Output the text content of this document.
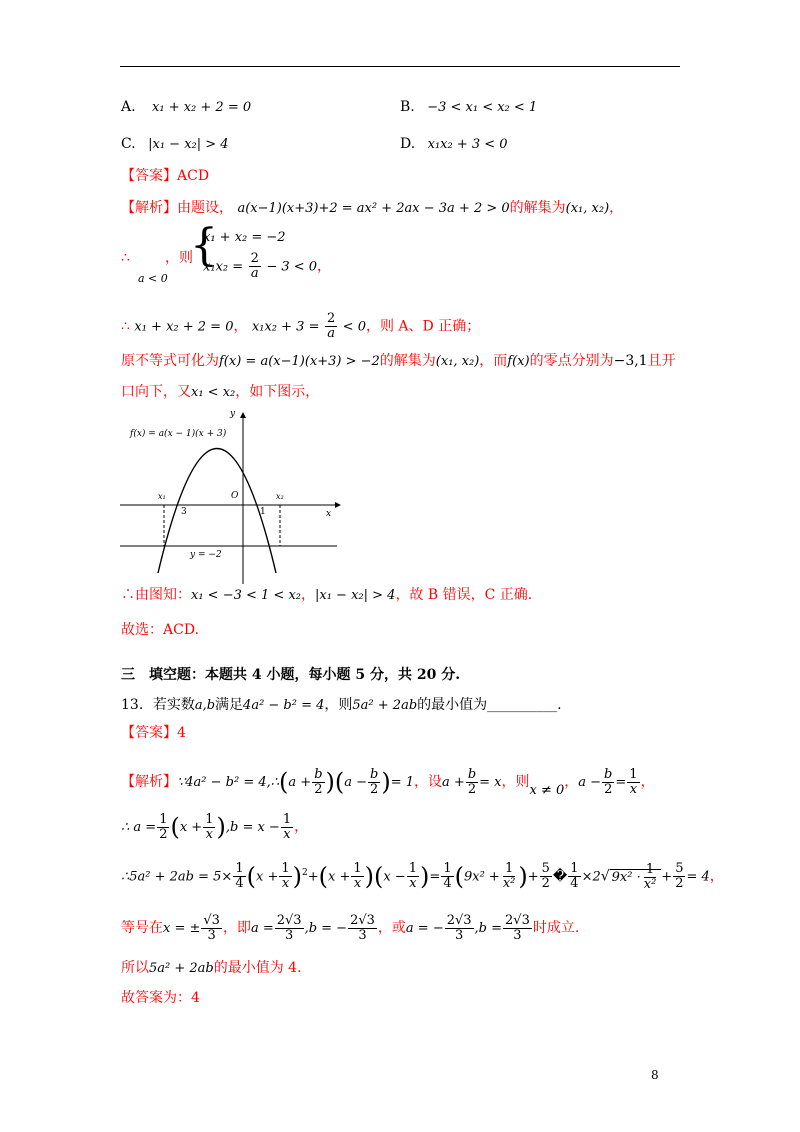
A. x₁ + x₂ + 2 = 0	B. −3 < x₁ < x₂ < 1
C. |x₁ − x₂| > 4	D. x₁x₂ + 3 < 0
【答案】ACD
【解析】由题设， a(x−1)(x+3)+2 = ax² + 2ax − 3a + 2 > 0的解集为(x₁, x₂)，
∴	，则
a < 0
{
x₁ + x₂ = −2
$x_1x_2 = \frac{2}{a} - 3 < 0$，
∴ x₁ + x₂ + 2 = 0， $x_1x_2 + 3 = \frac{2}{a} < 0$，则 A、D 正确；
原不等式可化为f(x) = a(x−1)(x+3) > −2的解集为(x₁, x₂)，而f(x)的零点分别为−3,1且开
口向下，又x₁ < x₂，如下图示，
f(x) = a(x − 1)(x + 3)
y
x
O
x₁	x₂
3	1
y = −2
∴由图知：x₁ < −3 < 1 < x₂，|x₁ − x₂| > 4，故 B 错误，C 正确.
故选：ACD.
三　填空题：本题共 4 小题，每小题 5 分，共 20 分.
13．若实数a,b满足4a² − b² = 4，则5a² + 2ab的最小值为__________.
【答案】4
【解析】∵4a² − b² = 4,∴(a + $\frac{b}{2} )(a - \frac{b}{2}$ )= 1，设$a + \frac{b}{2} = x$，则x ≠ 0，$a - \frac{b}{2} = \frac{1}{x}$ ，
∴ $a = \frac{1}{2} (x + \frac{1}{x} ),b = x - \frac{1}{x}$ ，
∴5a² + $2ab = 5\times \frac{1}{4} (x + \frac{1}{x} )^2+(x + \frac{1}{x} )(x - \frac{1}{x}$ )= $\frac{1}{4} (9x^2 + \frac{1}{\text{x²}}$ )+ $\frac{5}{2}$ � $\frac{1}{4} \times 2√$ $9x^2 \cdot \frac{1}{\text{x²}} + \frac{5}{2} = 4$，
等号在x = ± $\frac{√3}{3}$ ，即$a = \frac{2√3}{3} ,b$ = − $\frac{2√3}{3}$ ，或a = − $\frac{2√3}{3} ,b = \frac{2√3}{3}$ 时成立.
所以5a² + 2ab的最小值为 4.
故答案为：4
8
